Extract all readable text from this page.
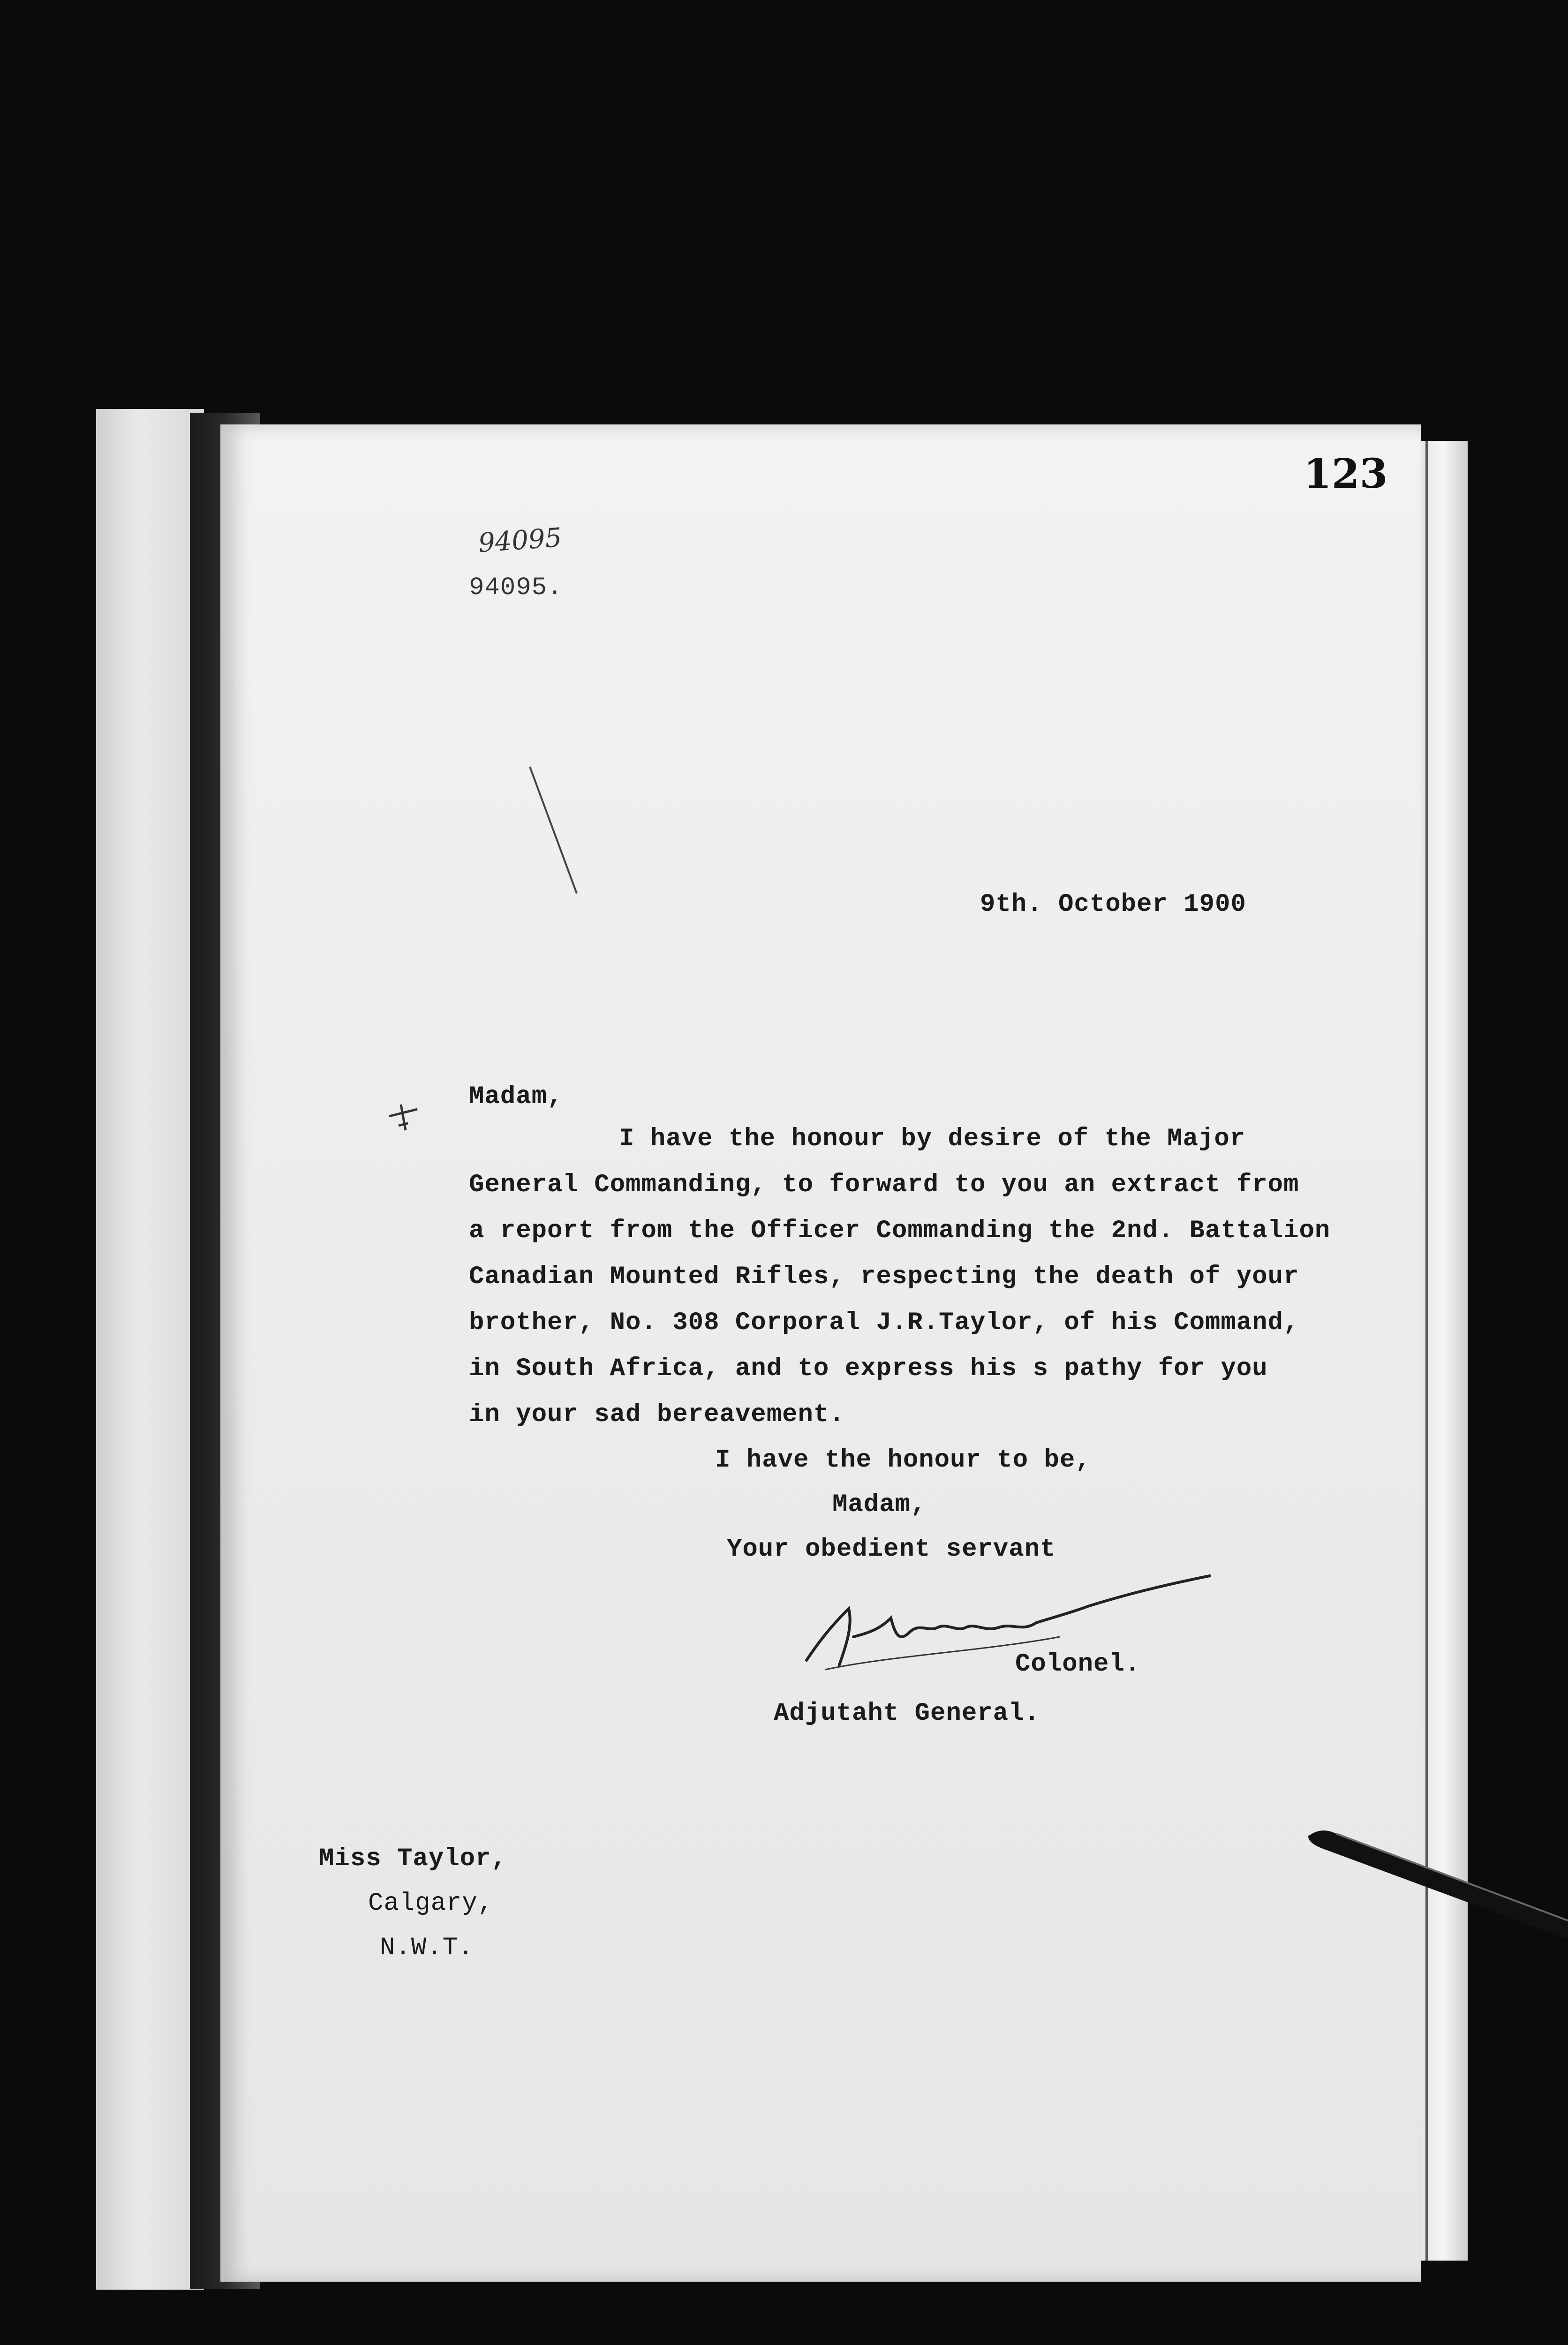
123
94095
94095.
9th. October 1900
Madam,
I have the honour by desire of the Major
General Commanding, to forward to you an extract from
a report from the Officer Commanding the 2nd. Battalion
Canadian Mounted Rifles, respecting the death of your
brother, No. 308 Corporal J.R.Taylor, of his Command,
in South Africa, and to express his s pathy for you
in your sad bereavement.
I have the honour to be,
Madam,
Your obedient servant
Colonel.
Adjutaht General.
Miss Taylor,
Calgary,
N.W.T.
